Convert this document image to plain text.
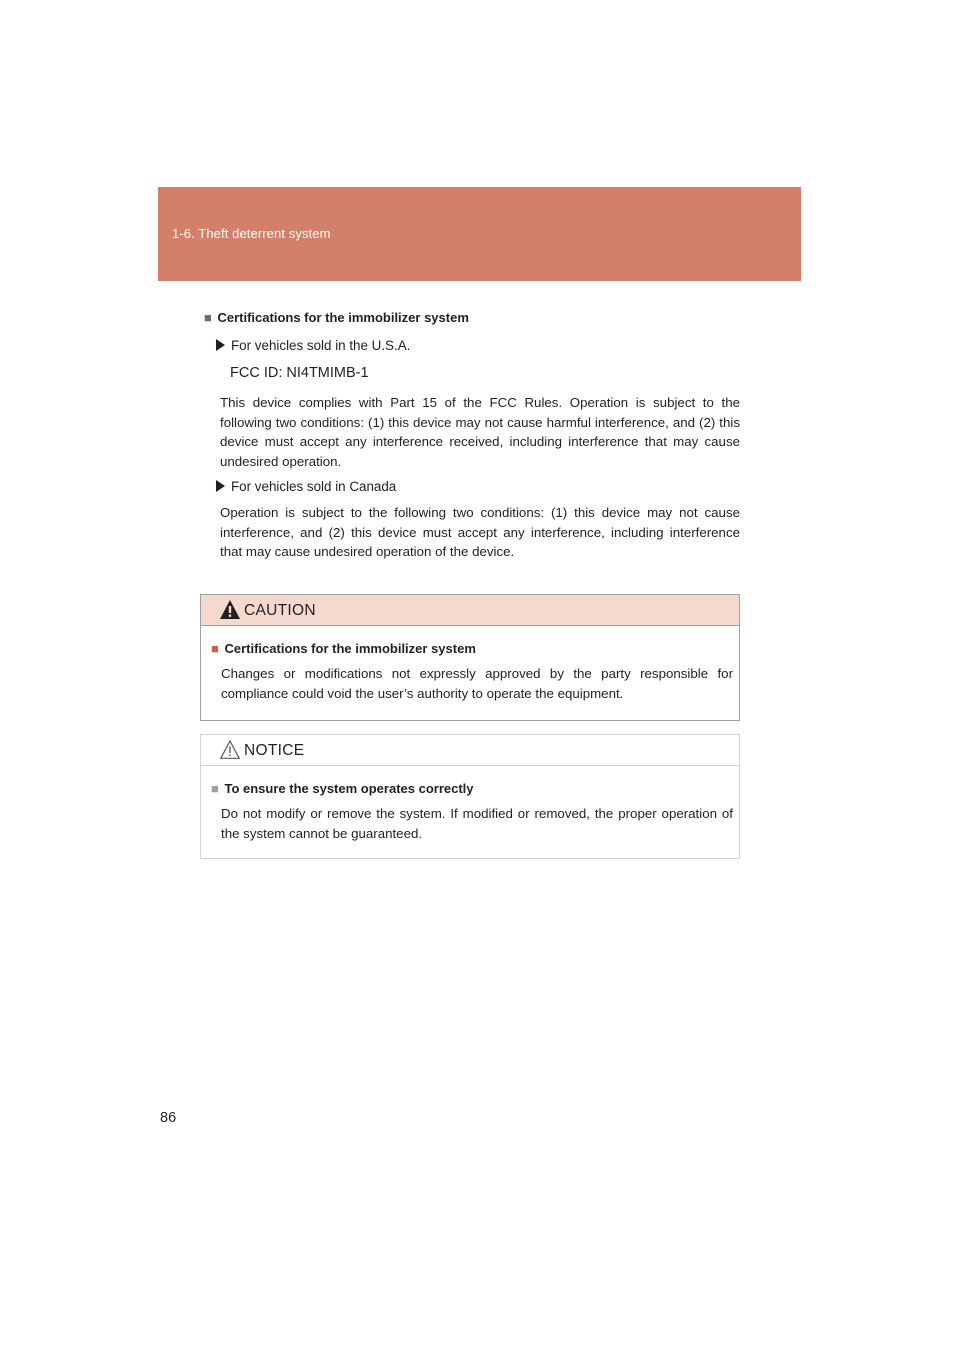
1-6. Theft deterrent system
■ Certifications for the immobilizer system
For vehicles sold in the U.S.A.
FCC ID: NI4TMIMB-1

This device complies with Part 15 of the FCC Rules. Operation is subject to the following two conditions: (1) this device may not cause harmful interference, and (2) this device must accept any interference received, including interference that may cause undesired operation.

For vehicles sold in Canada

Operation is subject to the following two conditions: (1) this device may not cause interference, and (2) this device must accept any interference, including interference that may cause undesired operation of the device.

CAUTION
■ Certifications for the immobilizer system
Changes or modifications not expressly approved by the party responsible for compliance could void the user’s authority to operate the equipment.
NOTICE
■ To ensure the system operates correctly
Do not modify or remove the system. If modified or removed, the proper operation of the system cannot be guaranteed.
86
